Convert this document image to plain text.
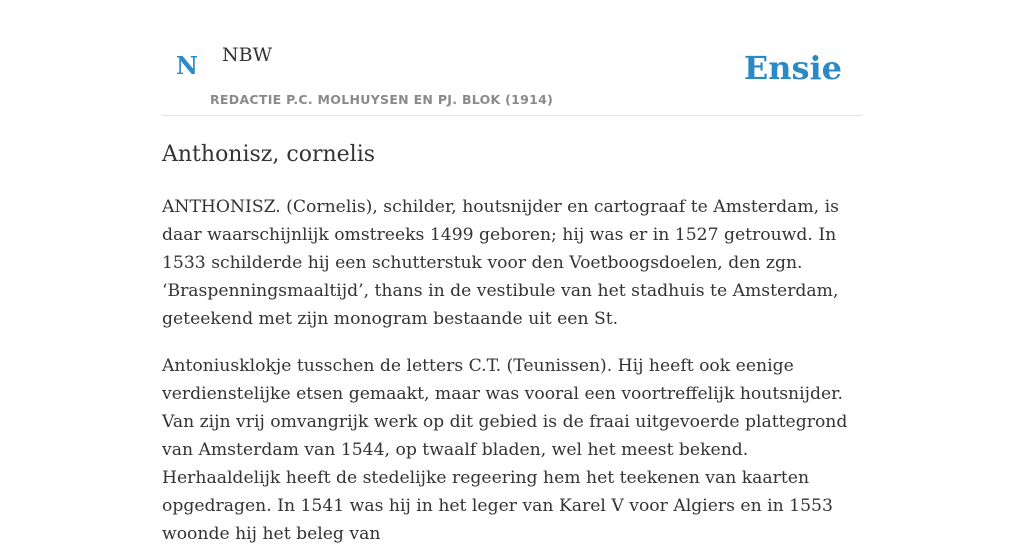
N NBW
REDACTIE P.C. MOLHUYSEN EN PJ. BLOK (1914)
Ensie
Anthonisz, cornelis

ANTHONISZ. (Cornelis), schilder, houtsnijder en cartograaf te Amsterdam, is daar waarschijnlijk omstreeks 1499 geboren; hij was er in 1527 getrouwd. In 1533 schilderde hij een schutterstuk voor den Voetboogsdoelen, den zgn. ‘Braspenningsmaaltijd’, thans in de vestibule van het stadhuis te Amsterdam, geteekend met zijn monogram bestaande uit een St.

Antoniusklokje tusschen de letters C.T. (Teunissen). Hij heeft ook eenige verdienstelijke etsen gemaakt, maar was vooral een voortreffelijk houtsnijder. Van zijn vrij omvangrijk werk op dit gebied is de fraai uitgevoerde plattegrond van Amsterdam van 1544, op twaalf bladen, wel het meest bekend. Herhaaldelijk heeft de stedelijke regeering hem het teekenen van kaarten opgedragen. In 1541 was hij in het leger van Karel V voor Algiers en in 1553 woonde hij het beleg van
